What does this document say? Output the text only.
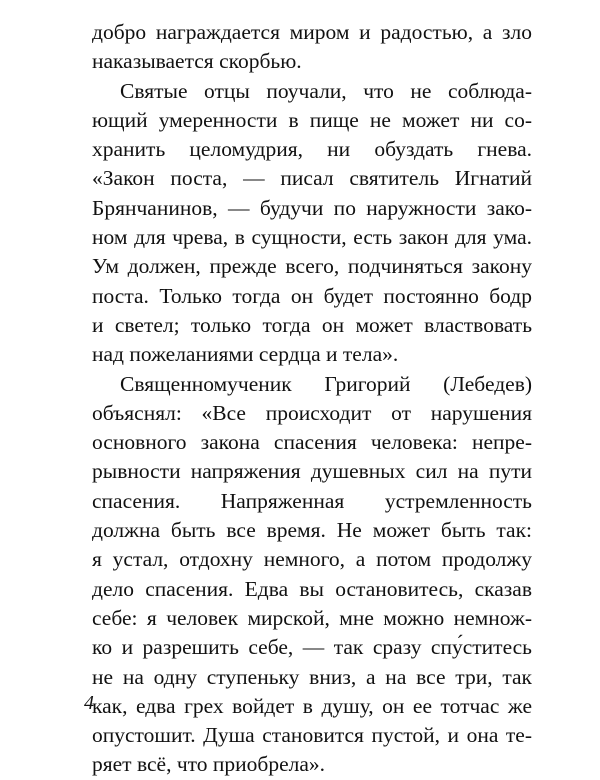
добро награждается миром и радостью, а зло
наказывается скорбью.
Святые отцы поучали, что не соблюда-
ющий умеренности в пище не может ни со-
хранить целомудрия, ни обуздать гнева.
«Закон поста, — писал святитель Игнатий
Брянчанинов, — будучи по наружности зако-
ном для чрева, в сущности, есть закон для ума.
Ум должен, прежде всего, подчиняться закону
поста. Только тогда он будет постоянно бодр
и светел; только тогда он может властвовать
над пожеланиями сердца и тела».
Священномученик Григорий (Лебедев)
объяснял: «Все происходит от нарушения
основного закона спасения человека: непре-
рывности напряжения душевных сил на пути
спасения. Напряженная устремленность
должна быть все время. Не может быть так:
я устал, отдохну немного, а потом продолжу
дело спасения. Едва вы остановитесь, сказав
себе: я человек мирской, мне можно немнож-
ко и разрешить себе, — так сразу спу́ститесь
не на одну ступеньку вниз, а на все три, так
как, едва грех войдет в душу, он ее тотчас же
опустошит. Душа становится пустой, и она те-
ряет всё, что приобрела».
4
